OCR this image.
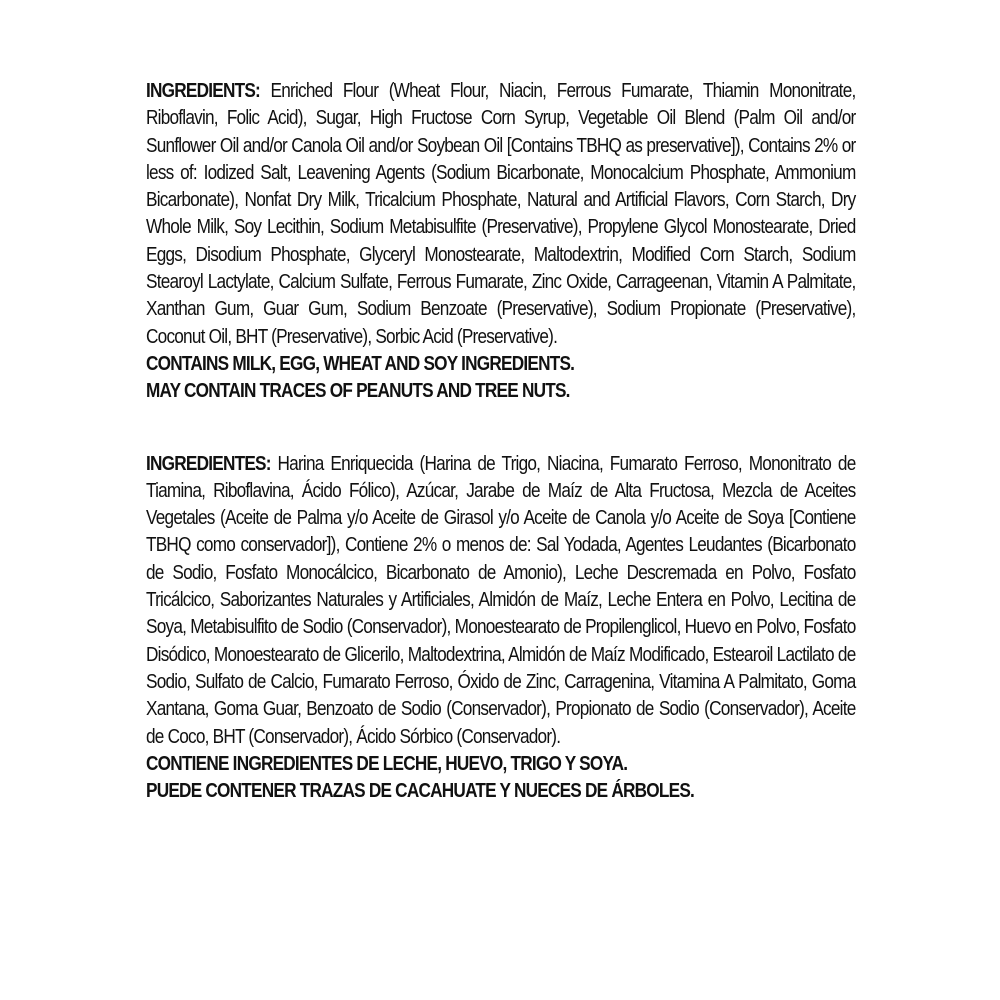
INGREDIENTS: Enriched Flour (Wheat Flour, Niacin, Ferrous Fumarate, Thiamin Mononitrate, Riboflavin, Folic Acid), Sugar, High Fructose Corn Syrup, Vegetable Oil Blend (Palm Oil and/or Sunflower Oil and/or Canola Oil and/or Soybean Oil [Contains TBHQ as preservative]), Contains 2% or less of: Iodized Salt, Leavening Agents (Sodium Bicarbonate, Monocalcium Phosphate, Ammonium Bicarbonate), Nonfat Dry Milk, Tricalcium Phosphate, Natural and Artificial Flavors, Corn Starch, Dry Whole Milk, Soy Lecithin, Sodium Metabisulfite (Preservative), Propylene Glycol Monostearate, Dried Eggs, Disodium Phosphate, Glyceryl Monostearate, Maltodextrin, Modified Corn Starch, Sodium Stearoyl Lactylate, Calcium Sulfate, Ferrous Fumarate, Zinc Oxide, Carrageenan, Vitamin A Palmitate, Xanthan Gum, Guar Gum, Sodium Benzoate (Preservative), Sodium Propionate (Preservative), Coconut Oil, BHT (Preservative), Sorbic Acid (Preservative).
CONTAINS MILK, EGG, WHEAT AND SOY INGREDIENTS.
MAY CONTAIN TRACES OF PEANUTS AND TREE NUTS.
INGREDIENTES: Harina Enriquecida (Harina de Trigo, Niacina, Fumarato Ferroso, Mononitrato de Tiamina, Riboflavina, Ácido Fólico), Azúcar, Jarabe de Maíz de Alta Fructosa, Mezcla de Aceites Vegetales (Aceite de Palma y/o Aceite de Girasol y/o Aceite de Canola y/o Aceite de Soya [Contiene TBHQ como conservador]), Contiene 2% o menos de: Sal Yodada, Agentes Leudantes (Bicarbonato de Sodio, Fosfato Monocálcico, Bicarbonato de Amonio), Leche Descremada en Polvo, Fosfato Tricálcico, Saborizantes Naturales y Artificiales, Almidón de Maíz, Leche Entera en Polvo, Lecitina de Soya, Metabisulfito de Sodio (Conservador), Monoestearato de Propilenglicol, Huevo en Polvo, Fosfato Disódico, Monoestearato de Glicerilo, Maltodextrina, Almidón de Maíz Modificado, Estearoil Lactilato de Sodio, Sulfato de Calcio, Fumarato Ferroso, Óxido de Zinc, Carragenina, Vitamina A Palmitato, Goma Xantana, Goma Guar, Benzoato de Sodio (Conservador), Propionato de Sodio (Conservador), Aceite de Coco, BHT (Conservador), Ácido Sórbico (Conservador).
CONTIENE INGREDIENTES DE LECHE, HUEVO, TRIGO Y SOYA.
PUEDE CONTENER TRAZAS DE CACAHUATE Y NUECES DE ÁRBOLES.
